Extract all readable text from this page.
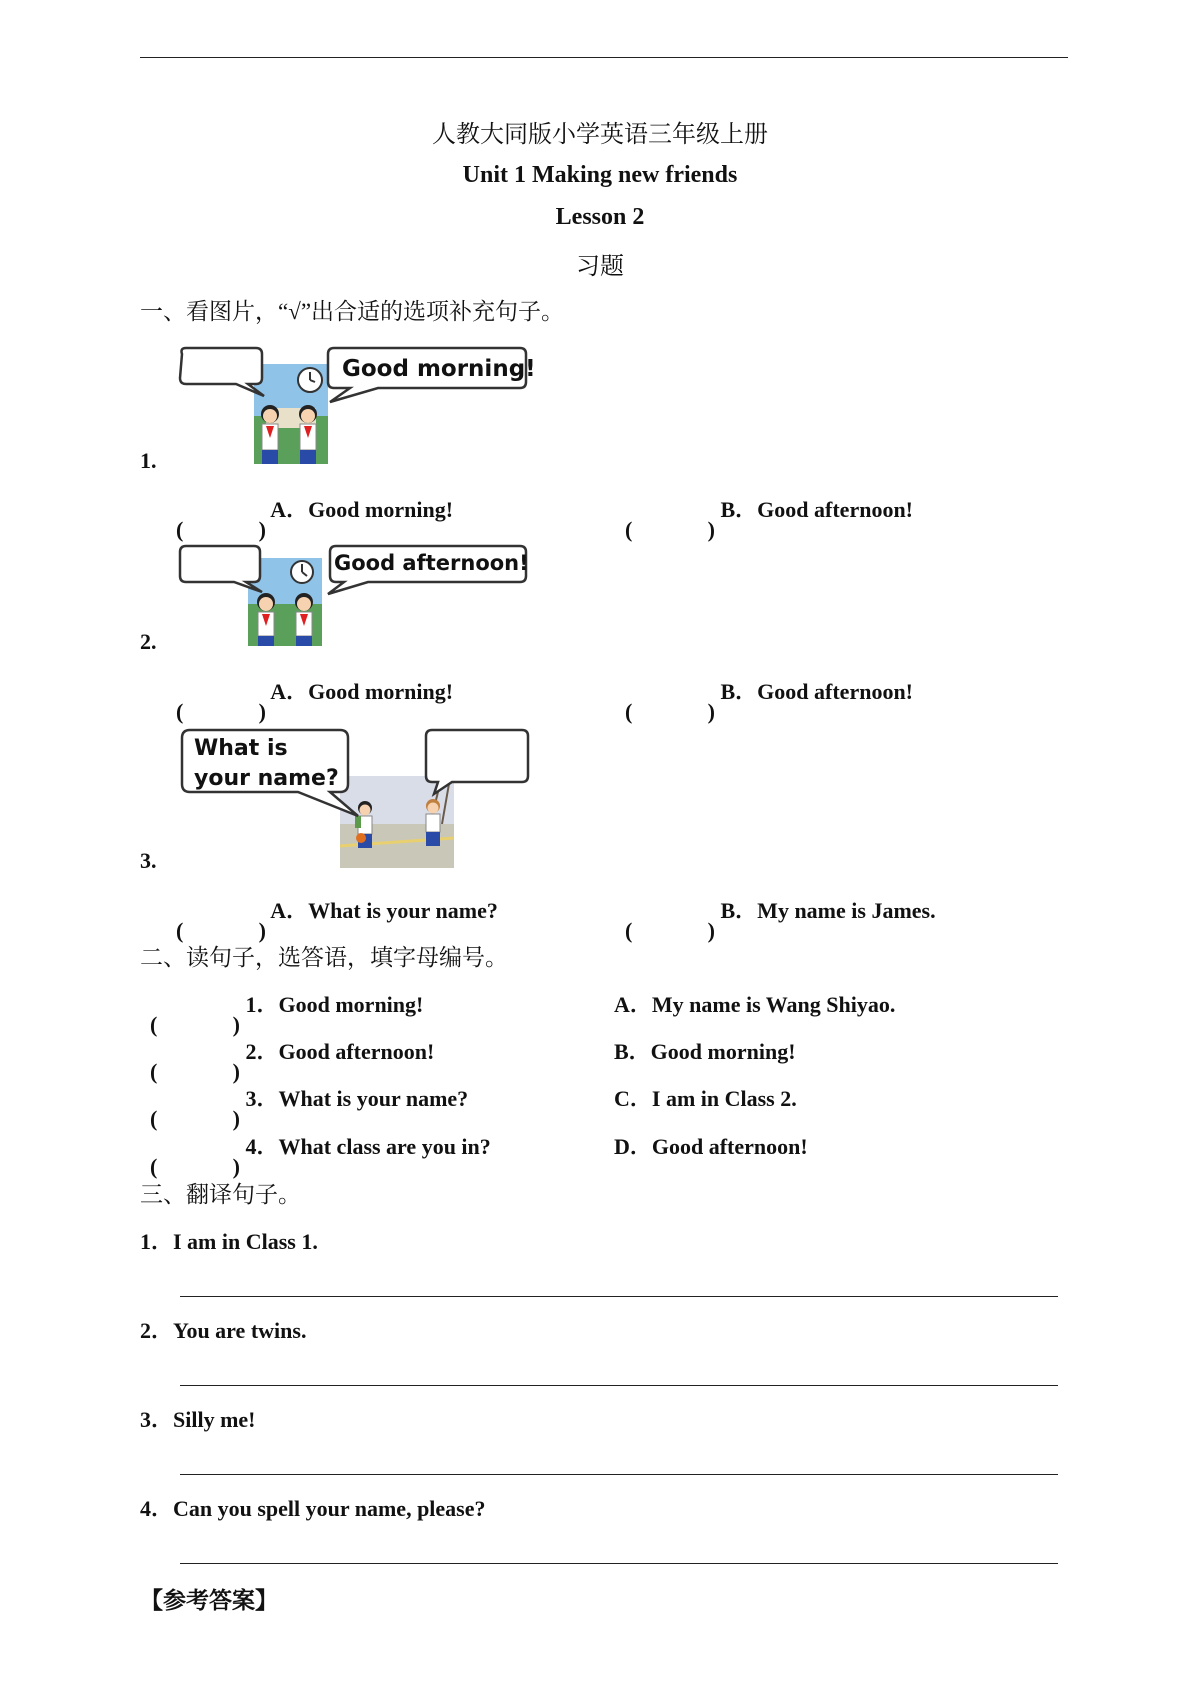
人教大同版小学英语三年级上册
Unit 1 Making new friends
Lesson 2
习题
一、看图片，“√”出合适的选项补充句子。
Good morning!
1.
(	)
A．Good morning!
(	)
B．Good afternoon!
Good afternoon!
2.
(	)
A．Good morning!
(	)
B．Good afternoon!
What is
your name?
3.
(	)
A．What is your name?
(	)
B．My name is James.
二、读句子，选答语，填字母编号。
(	)
1．Good morning!	A．My name is Wang Shiyao.
(	)
2．Good afternoon!	B．Good morning!
(	)
3．What is your name?	C．I am in Class 2.
(	)
4．What class are you in?	D．Good afternoon!
三、翻译句子。
1．I am in Class 1.
2．You are twins.
3．Silly me!
4．Can you spell your name, please?
【参考答案】
